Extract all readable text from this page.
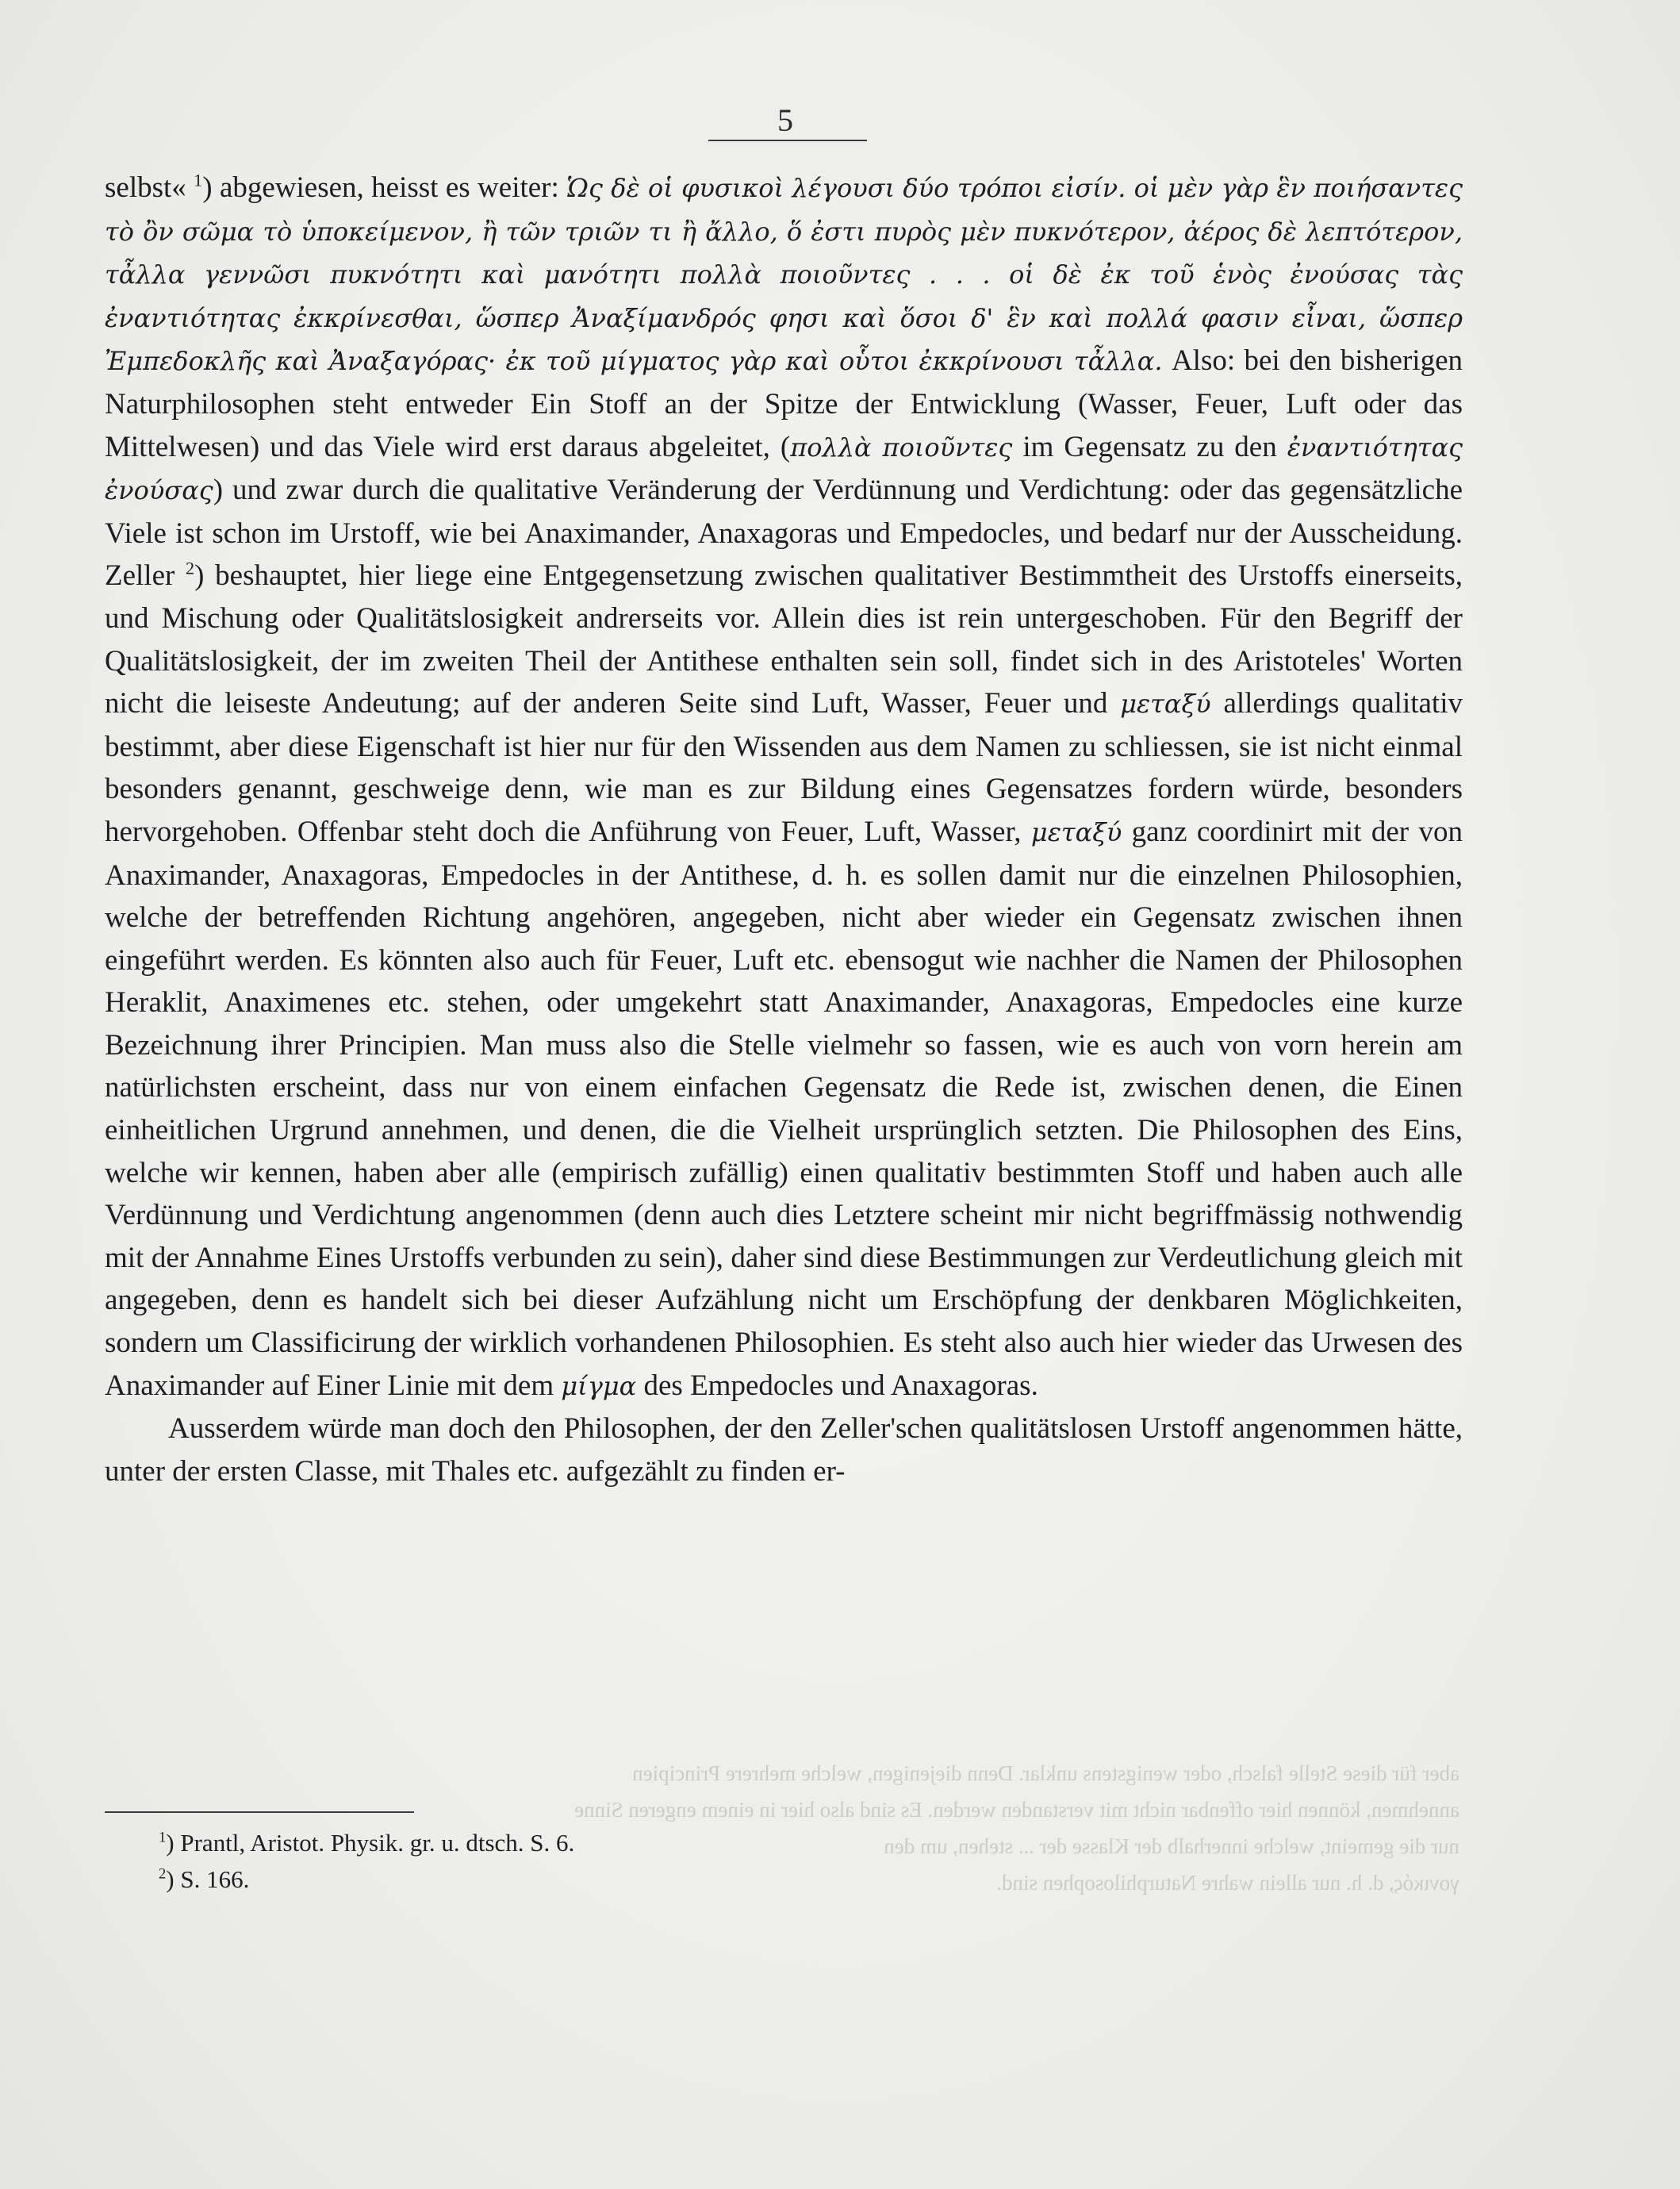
5

selbst« $^1$) abgewiesen, heisst es weiter: Ὡς δὲ οἱ φυσικοὶ λέγουσι δύο τρόποι εἰσίν. οἱ μὲν γὰρ ἓν ποιήσαντες τὸ ὂν σῶμα τὸ ὑποκείμενον, ἢ τῶν τριῶν τι ἢ ἄλλο, ὅ ἐστι πυρὸς μὲν πυκνότερον, ἀέρος δὲ λεπτότερον, τἆλλα γεννῶσι πυκνότητι καὶ μανότητι πολλὰ ποιοῦντες . . . οἱ δὲ ἐκ τοῦ ἑνὸς ἐνούσας τὰς ἐναντιότητας ἐκκρίνεσθαι, ὥσπερ Ἀναξίμανδρός φησι καὶ ὅσοι δ' ἓν καὶ πολλά φασιν εἶναι, ὥσπερ Ἐμπεδοκλῆς καὶ Ἀναξαγόρας· ἐκ τοῦ μίγματος γὰρ καὶ οὗτοι ἐκκρίνουσι τἆλλα. Also: bei den bisherigen Naturphilosophen steht entweder Ein Stoff an der Spitze der Entwicklung (Wasser, Feuer, Luft oder das Mittelwesen) und das Viele wird erst daraus abgeleitet, (πολλὰ ποιοῦντες im Gegensatz zu den ἐναντιότητας ἐνούσας) und zwar durch die qualitative Veränderung der Verdünnung und Verdichtung: oder das gegensätzliche Viele ist schon im Urstoff, wie bei Anaximander, Anaxagoras und Empedocles, und bedarf nur der Ausscheidung. Zeller $^2$) beshauptet, hier liege eine Entgegensetzung zwischen qualitativer Bestimmtheit des Urstoffs einerseits, und Mischung oder Qualitätslosigkeit andrerseits vor. Allein dies ist rein untergeschoben. Für den Begriff der Qualitätslosigkeit, der im zweiten Theil der Antithese enthalten sein soll, findet sich in des Aristoteles' Worten nicht die leiseste Andeutung; auf der anderen Seite sind Luft, Wasser, Feuer und μεταξύ allerdings qualitativ bestimmt, aber diese Eigenschaft ist hier nur für den Wissenden aus dem Namen zu schliessen, sie ist nicht einmal besonders genannt, geschweige denn, wie man es zur Bildung eines Gegensatzes fordern würde, besonders hervorgehoben. Offenbar steht doch die Anführung von Feuer, Luft, Wasser, μεταξύ ganz coordinirt mit der von Anaximander, Anaxagoras, Empedocles in der Antithese, d. h. es sollen damit nur die einzelnen Philosophien, welche der betreffenden Richtung angehören, angegeben, nicht aber wieder ein Gegensatz zwischen ihnen eingeführt werden. Es könnten also auch für Feuer, Luft etc. ebensogut wie nachher die Namen der Philosophen Heraklit, Anaximenes etc. stehen, oder umgekehrt statt Anaximander, Anaxagoras, Empedocles eine kurze Bezeichnung ihrer Principien. Man muss also die Stelle vielmehr so fassen, wie es auch von vorn herein am natürlichsten erscheint, dass nur von einem einfachen Gegensatz die Rede ist, zwischen denen, die Einen einheitlichen Urgrund annehmen, und denen, die die Vielheit ursprünglich setzten. Die Philosophen des Eins, welche wir kennen, haben aber alle (empirisch zufällig) einen qualitativ bestimmten Stoff und haben auch alle Verdünnung und Verdichtung angenommen (denn auch dies Letztere scheint mir nicht begriffmässig nothwendig mit der Annahme Eines Urstoffs verbunden zu sein), daher sind diese Bestimmungen zur Verdeutlichung gleich mit angegeben, denn es handelt sich bei dieser Aufzählung nicht um Erschöpfung der denkbaren Möglichkeiten, sondern um Classificirung der wirklich vorhandenen Philosophien. Es steht also auch hier wieder das Urwesen des Anaximander auf Einer Linie mit dem μίγμα des Empedocles und Anaxagoras.

Ausserdem würde man doch den Philosophen, der den Zeller'schen qualitätslosen Urstoff angenommen hätte, unter der ersten Classe, mit Thales etc. aufgezählt zu finden er-

aber für diese Stelle falsch, oder wenigstens unklar. Denn diejenigen, welche mehrere Principien
annehmen, können hier offenbar nicht mit verstanden werden. Es sind also hier in einem engeren Sinne
nur die gemeint, welche innerhalb der Klasse der ... stehen, um den
γονικός, d. h. nur allein wahre Naturphilosophen sind.
$^1$) Prantl, Aristot. Physik. gr. u. dtsch. S. 6.
$^2$) S. 166.
